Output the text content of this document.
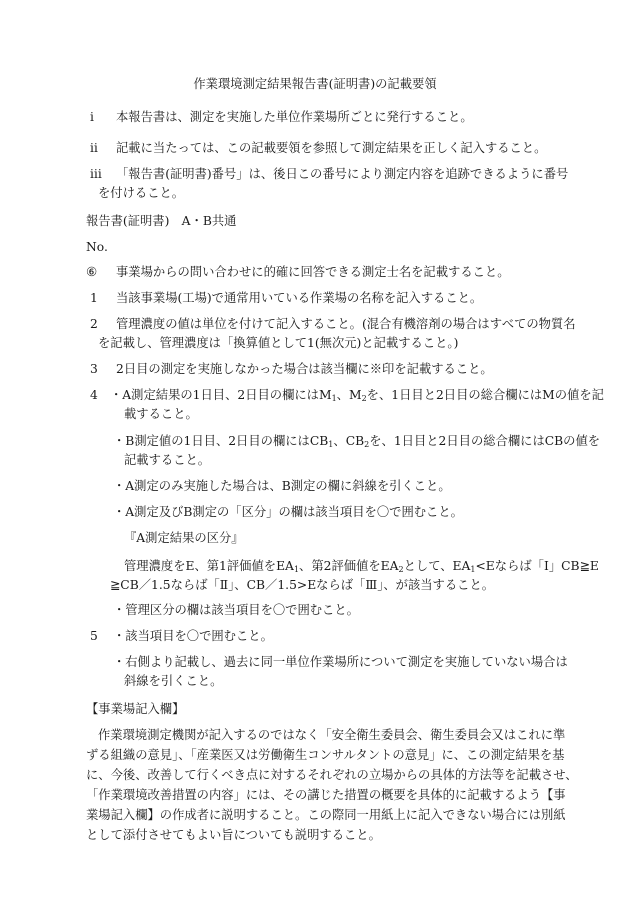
作業環境測定結果報告書(証明書)の記載要領
ⅰ 本報告書は、測定を実施した単位作業場所ごとに発行すること。
ⅱ 記載に当たっては、この記載要領を参照して測定結果を正しく記入すること。
ⅲ 「報告書(証明書)番号」は、後日この番号により測定内容を追跡できるように番号
を付けること。
報告書(証明書)　A・B共通
No.
⑥ 事業場からの問い合わせに的確に回答できる測定士名を記載すること。
1 当該事業場(工場)で通常用いている作業場の名称を記入すること。
2 管理濃度の値は単位を付けて記入すること。(混合有機溶剤の場合はすべての物質名
を記載し、管理濃度は「換算値として1(無次元)と記載すること。)
3 2日目の測定を実施しなかった場合は該当欄に※印を記載すること。
4 ・A測定結果の1日目、2日目の欄には$M_1$、$M_2$を、1日目と2日目の総合欄にはMの値を記
載すること。
・B測定値の1日目、2日目の欄には$CB_1$、$CB_2$を、1日目と2日目の総合欄にはCBの値を
記載すること。
・A測定のみ実施した場合は、B測定の欄に斜線を引くこと。
・A測定及びB測定の「区分」の欄は該当項目を〇で囲むこと。
『A測定結果の区分』
管理濃度をE、第1評価値を$EA_1$、第2評価値を$EA_2$として、$EA_1<E$ならば「Ⅰ」CB≧E
≧CB／1.5ならば「Ⅱ」、CB／1.5>Eならば「Ⅲ」、が該当すること。
・管理区分の欄は該当項目を〇で囲むこと。
5 ・該当項目を〇で囲むこと。
・右側より記載し、過去に同一単位作業場所について測定を実施していない場合は
斜線を引くこと。
【事業場記入欄】
作業環境測定機関が記入するのではなく「安全衛生委員会、衛生委員会又はこれに準
ずる組織の意見」、「産業医又は労働衛生コンサルタントの意見」に、この測定結果を基
に、今後、改善して行くべき点に対するそれぞれの立場からの具体的方法等を記載させ、
「作業環境改善措置の内容」には、その講じた措置の概要を具体的に記載するよう【事
業場記入欄】の作成者に説明すること。この際同一用紙上に記入できない場合には別紙
として添付させてもよい旨についても説明すること。
